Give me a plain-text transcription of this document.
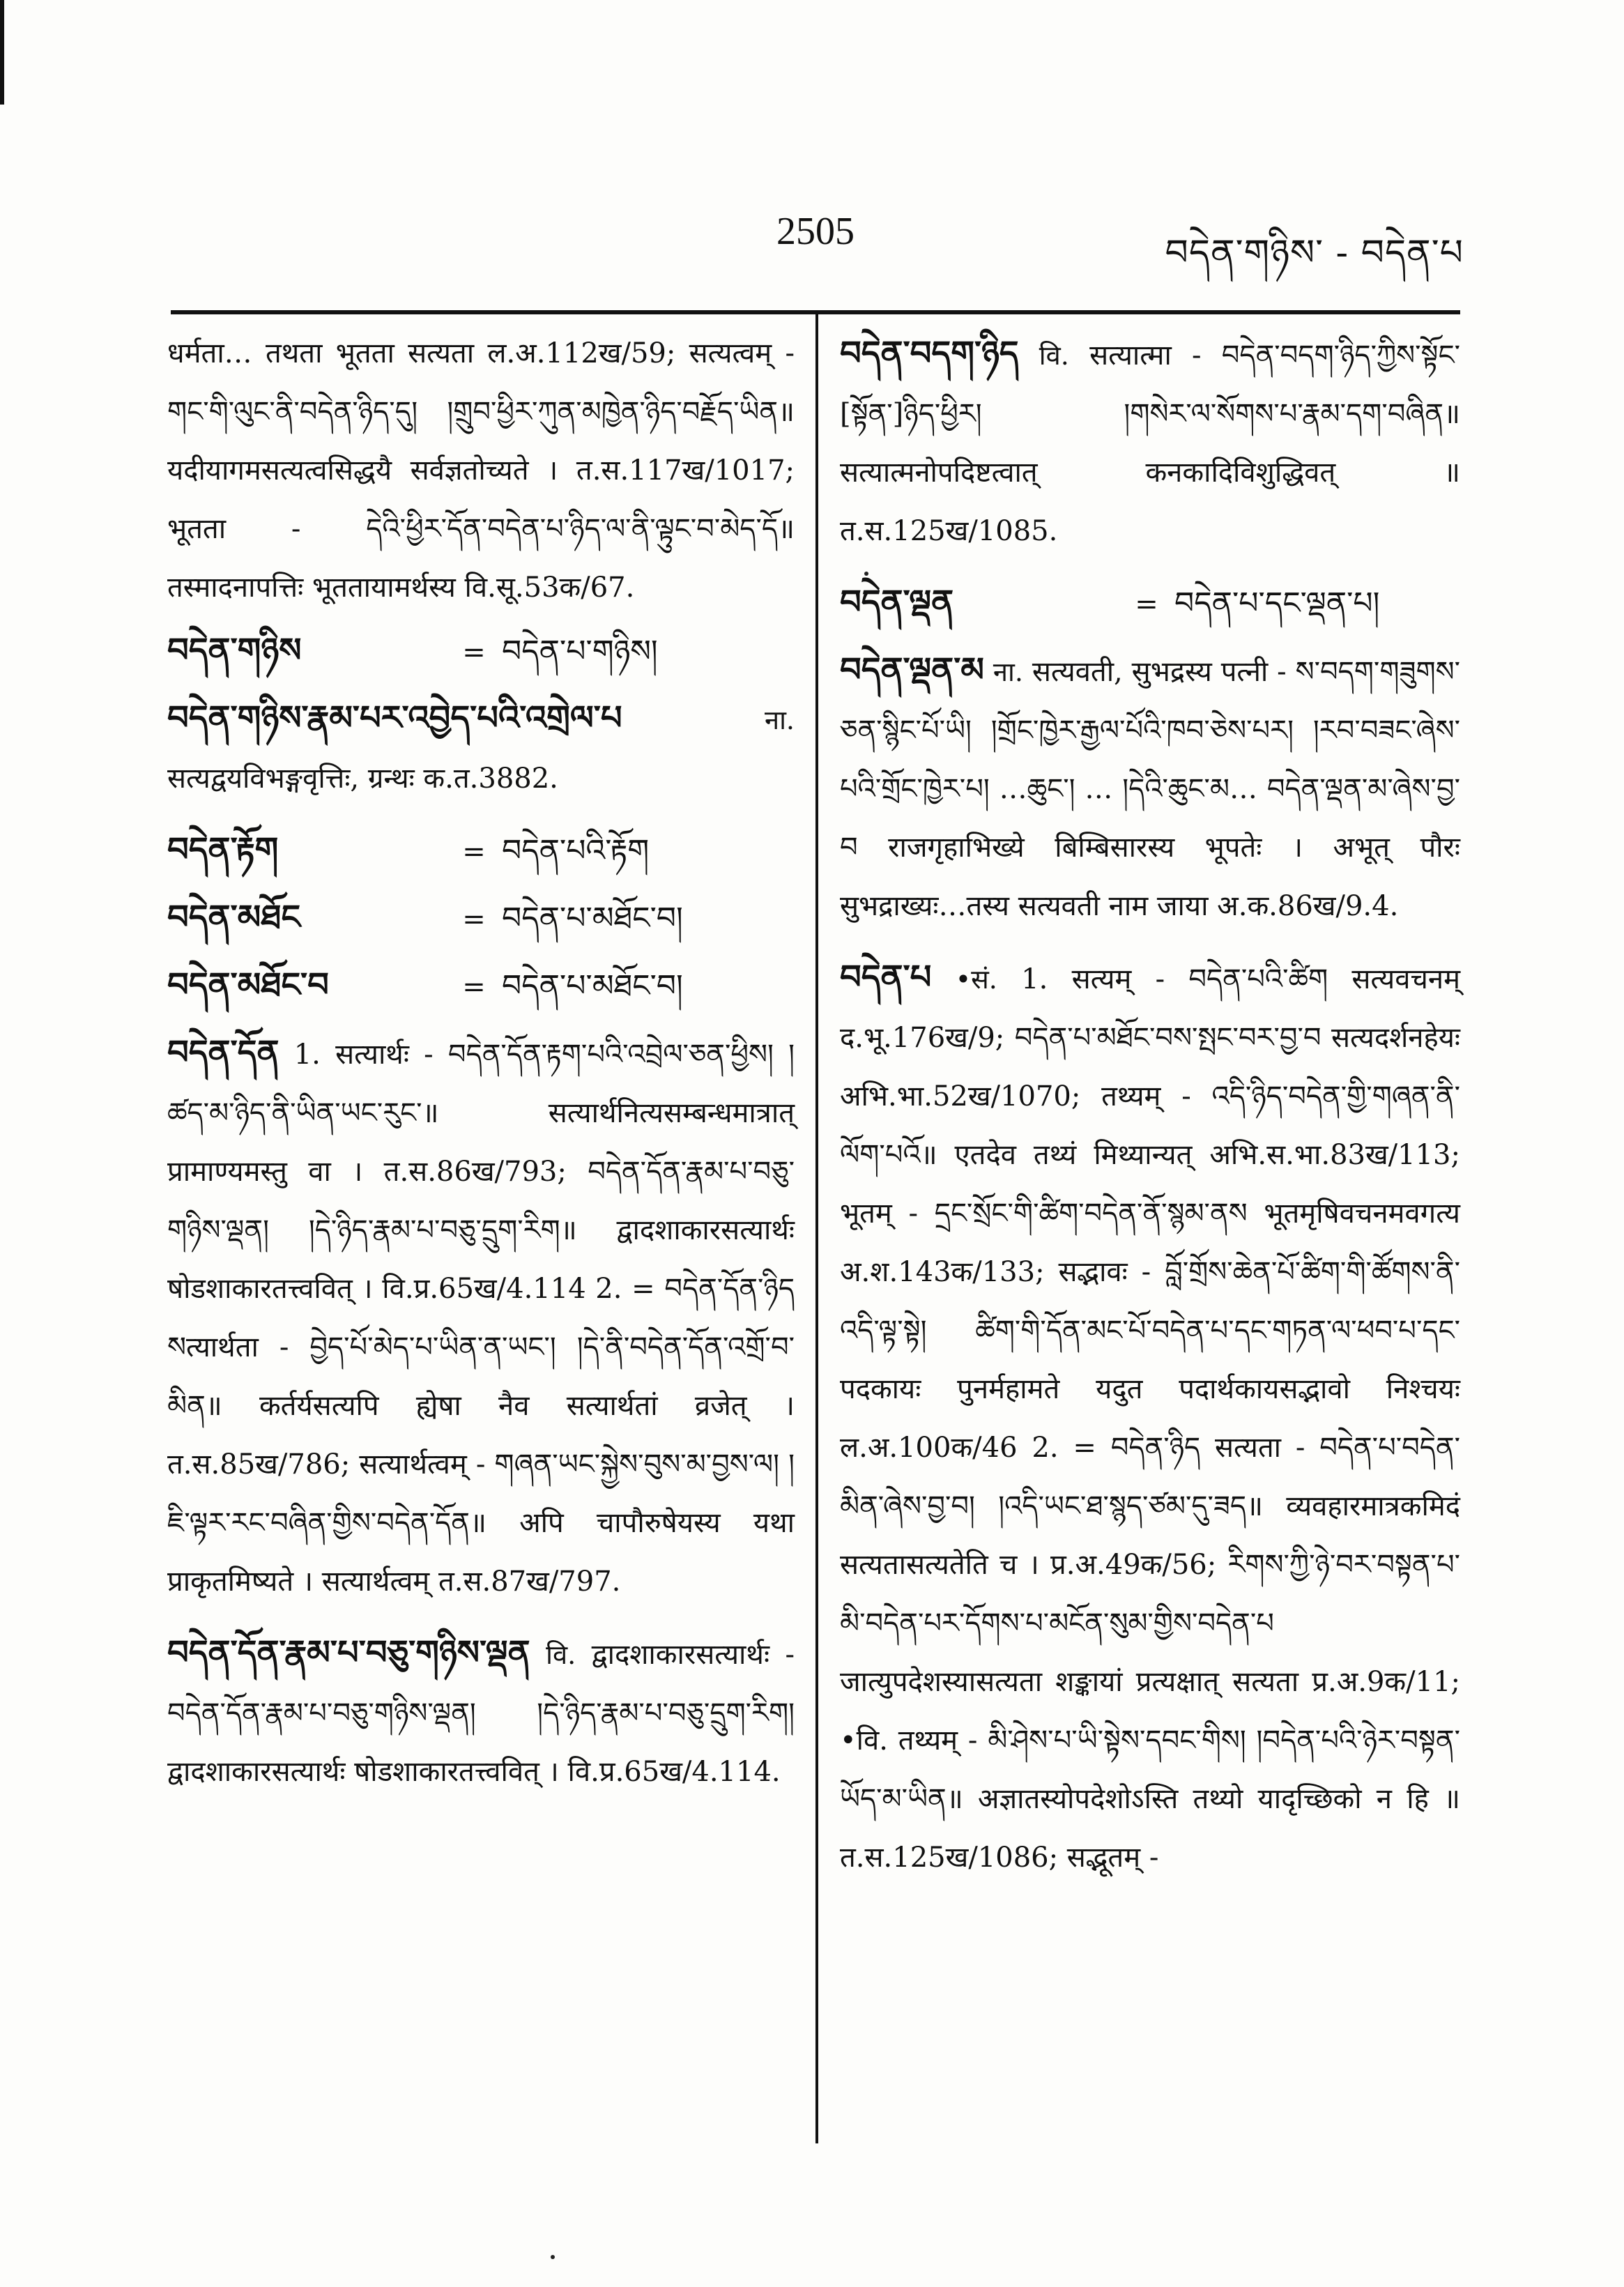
2505	བདེན་གཉིས་ - བདེན་པ

धर्मता… तथता भूतता सत्यता ल.अ.112ख/59; सत्यत्वम् - གང་གི་ལུང་ནི་བདེན་ཉིད་དུ། །གྲུབ་ཕྱིར་ཀུན་མཁྱེན་ཉིད་བརྗོད་ཡིན॥ यदीयागमसत्यत्वसिद्धयै सर्वज्ञतोच्यते । त.स.117ख/1017; भूतता - དེའི་ཕྱིར་དོན་བདེན་པ་ཉིད་ལ་ནི་ལྟུང་བ་མེད་དོ॥ तस्मादनापत्तिः भूततायामर्थस्य वि.सू.53क/67.

བདེན་གཉིས	= བདེན་པ་གཉིས།

བདེན་གཉིས་རྣམ་པར་འབྱེད་པའི་འགྲེལ་པ	ना. सत्यद्वयविभङ्गवृत्तिः, ग्रन्थः क.त.3882.

བདེན་རྟོག	= བདེན་པའི་རྟོག
བདེན་མཐོང	= བདེན་པ་མཐོང་བ།
བདེན་མཐོང་བ	= བདེན་པ་མཐོང་བ།

བདེན་དོན 1. सत्यार्थः - བདེན་དོན་རྟག་པའི་འབྲེལ་ཅན་ཕྱིས། །ཚད་མ་ཉིད་ནི་ཡིན་ཡང་རུང་॥ सत्यार्थनित्यसम्बन्धमात्रात् प्रामाण्यमस्तु वा । त.स.86ख/793; བདེན་དོན་རྣམ་པ་བཅུ་གཉིས་ལྡན། །དེ་ཉིད་རྣམ་པ་བཅུ་དྲུག་རིག॥ द्वादशाकारसत्यार्थः षोडशाकारतत्त्ववित् । वि.प्र.65ख/4.114 2. = བདེན་དོན་ཉིད སत्यार्थता - བྱེད་པོ་མེད་པ་ཡིན་ན་ཡང་། །དེ་ནི་བདེན་དོན་འགྲོ་བ་མིན॥ कर्तर्यसत्यपि ह्येषा नैव सत्यार्थतां व्रजेत् । त.स.85ख/786; सत्यार्थत्वम् - གཞན་ཡང་སྐྱེས་བུས་མ་བྱས་ལ། །ཇི་ལྟར་རང་བཞིན་གྱིས་བདེན་དོན॥ अपि चापौरुषेयस्य यथा प्राकृतमिष्यते । सत्यार्थत्वम् त.स.87ख/797.

བདེན་དོན་རྣམ་པ་བཅུ་གཉིས་ལྡན वि. द्वादशाकारसत्यार्थः - བདེན་དོན་རྣམ་པ་བཅུ་གཉིས་ལྡན། །དེ་ཉིད་རྣམ་པ་བཅུ་དྲུག་རིག། द्वादशाकारसत्यार्थः षोडशाकारतत्त्ववित् । वि.प्र.65ख/4.114.

བདེན་བདག་ཉིད वि. सत्यात्मा - བདེན་བདག་ཉིད་ཀྱིས་སྟོང་[སྟོན་]ཉིད་ཕྱིར། །གསེར་ལ་སོགས་པ་རྣམ་དག་བཞིན॥ सत्यात्मनोपदिष्टत्वात् कनकादिविशुद्धिवत् ॥ त.स.125ख/1085.

བདེན་ལྡན	= བདེན་པ་དང་ལྡན་པ།

བདེན་ལྡན་མ ना. सत्यवती, सुभद्रस्य पत्नी - ས་བདག་གཟུགས་ཅན་སྙིང་པོ་ཡི། །གྲོང་ཁྱེར་རྒྱལ་པོའི་ཁབ་ཅེས་པར། །རབ་བཟང་ཞེས་པའི་གྲོང་ཁྱེར་པ། …ཆུང་། … །དེའི་ཆུང་མ… བདེན་ལྡན་མ་ཞེས་བྱ་བ राजगृहाभिख्ये बिम्बिसारस्य भूपतेः । अभूत् पौरः सुभद्राख्यः…तस्य सत्यवती नाम जाया अ.क.86ख/9.4.

བདེན་པ •सं. 1. सत्यम् - བདེན་པའི་ཚིག सत्यवचनम् द.भू.176ख/9; བདེན་པ་མཐོང་བས་སྤང་བར་བྱ་བ सत्यदर्शनहेयः अभि.भा.52ख/1070; तथ्यम् - འདི་ཉིད་བདེན་གྱི་གཞན་ནི་ལོག་པའོ॥ एतदेव तथ्यं मिथ्यान्यत् अभि.स.भा.83ख/113; भूतम् - དྲང་སྲོང་གི་ཚིག་བདེན་ནོ་སྙམ་ནས भूतमृषिवचनमवगत्य अ.श.143क/133; सद्भावः - བློ་གྲོས་ཆེན་པོ་ཚིག་གི་ཚོགས་ནི་འདི་ལྟ་སྟེ། ཚིག་གི་དོན་མང་པོ་བདེན་པ་དང་གཏན་ལ་ཕབ་པ་དང་ पदकायः पुनर्महामते यदुत पदार्थकायसद्भावो निश्चयः ल.अ.100क/46 2. = བདེན་ཉིད सत्यता - བདེན་པ་བདེན་མིན་ཞེས་བྱ་བ། །འདི་ཡང་ཐ་སྙད་ཙམ་དུ་ཟད॥ व्यवहारमात्रकमिदं सत्यतासत्यतेति च । प्र.अ.49क/56; རིགས་ཀྱི་ཉེ་བར་བསྟན་པ་མི་བདེན་པར་དོགས་པ་མངོན་སུམ་གྱིས་བདེན་པ जात्युपदेशस्यासत्यता शङ्कायां प्रत्यक्षात् सत्यता प्र.अ.9क/11; •वि. तथ्यम् - མི་ཤེས་པ་ཡི་སྟེས་དབང་གིས། །བདེན་པའི་ཉེར་བསྟན་ཡོད་མ་ཡིན॥ अज्ञातस्योपदेशोऽस्ति तथ्यो यादृच्छिको न हि ॥ त.स.125ख/1086; सद्भूतम् -
